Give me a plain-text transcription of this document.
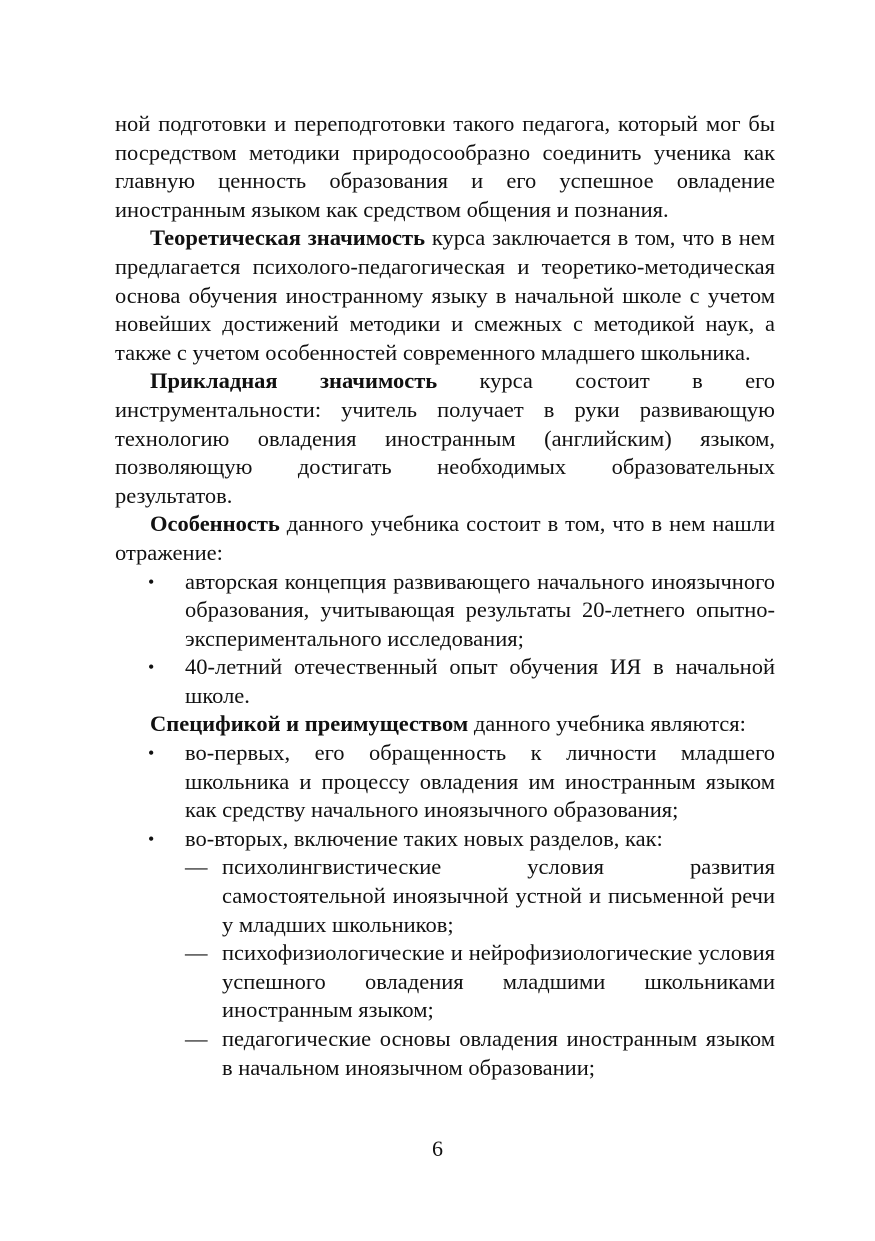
ной подготовки и переподготовки такого педагога, который мог бы посредством методики природосообразно соединить ученика как главную ценность образования и его успешное овладение иностранным языком как средством общения и познания.

Теоретическая значимость курса заключается в том, что в нем предлагается психолого-педагогическая и теоретико-методическая основа обучения иностранному языку в начальной школе с учетом новейших достижений методики и смежных с методикой наук, а также с учетом особенностей современного младшего школьника.

Прикладная значимость курса состоит в его инструментальности: учитель получает в руки развивающую технологию овладения иностранным (английским) языком, позволяющую достигать необходимых образовательных результатов.

Особенность данного учебника состоит в том, что в нем нашли отражение:

• авторская концепция развивающего начального иноязычного образования, учитывающая результаты 20-летнего опытно-экспериментального исследования;
• 40-летний отечественный опыт обучения ИЯ в начальной школе.

Спецификой и преимуществом данного учебника являются:

• во-первых, его обращенность к личности младшего школьника и процессу овладения им иностранным языком как средству начального иноязычного образования;
• во-вторых, включение таких новых разделов, как:
— психолингвистические условия развития самостоятельной иноязычной устной и письменной речи у младших школьников;
— психофизиологические и нейрофизиологические условия успешного овладения младшими школьниками иностранным языком;
— педагогические основы овладения иностранным языком в начальном иноязычном образовании;
6
